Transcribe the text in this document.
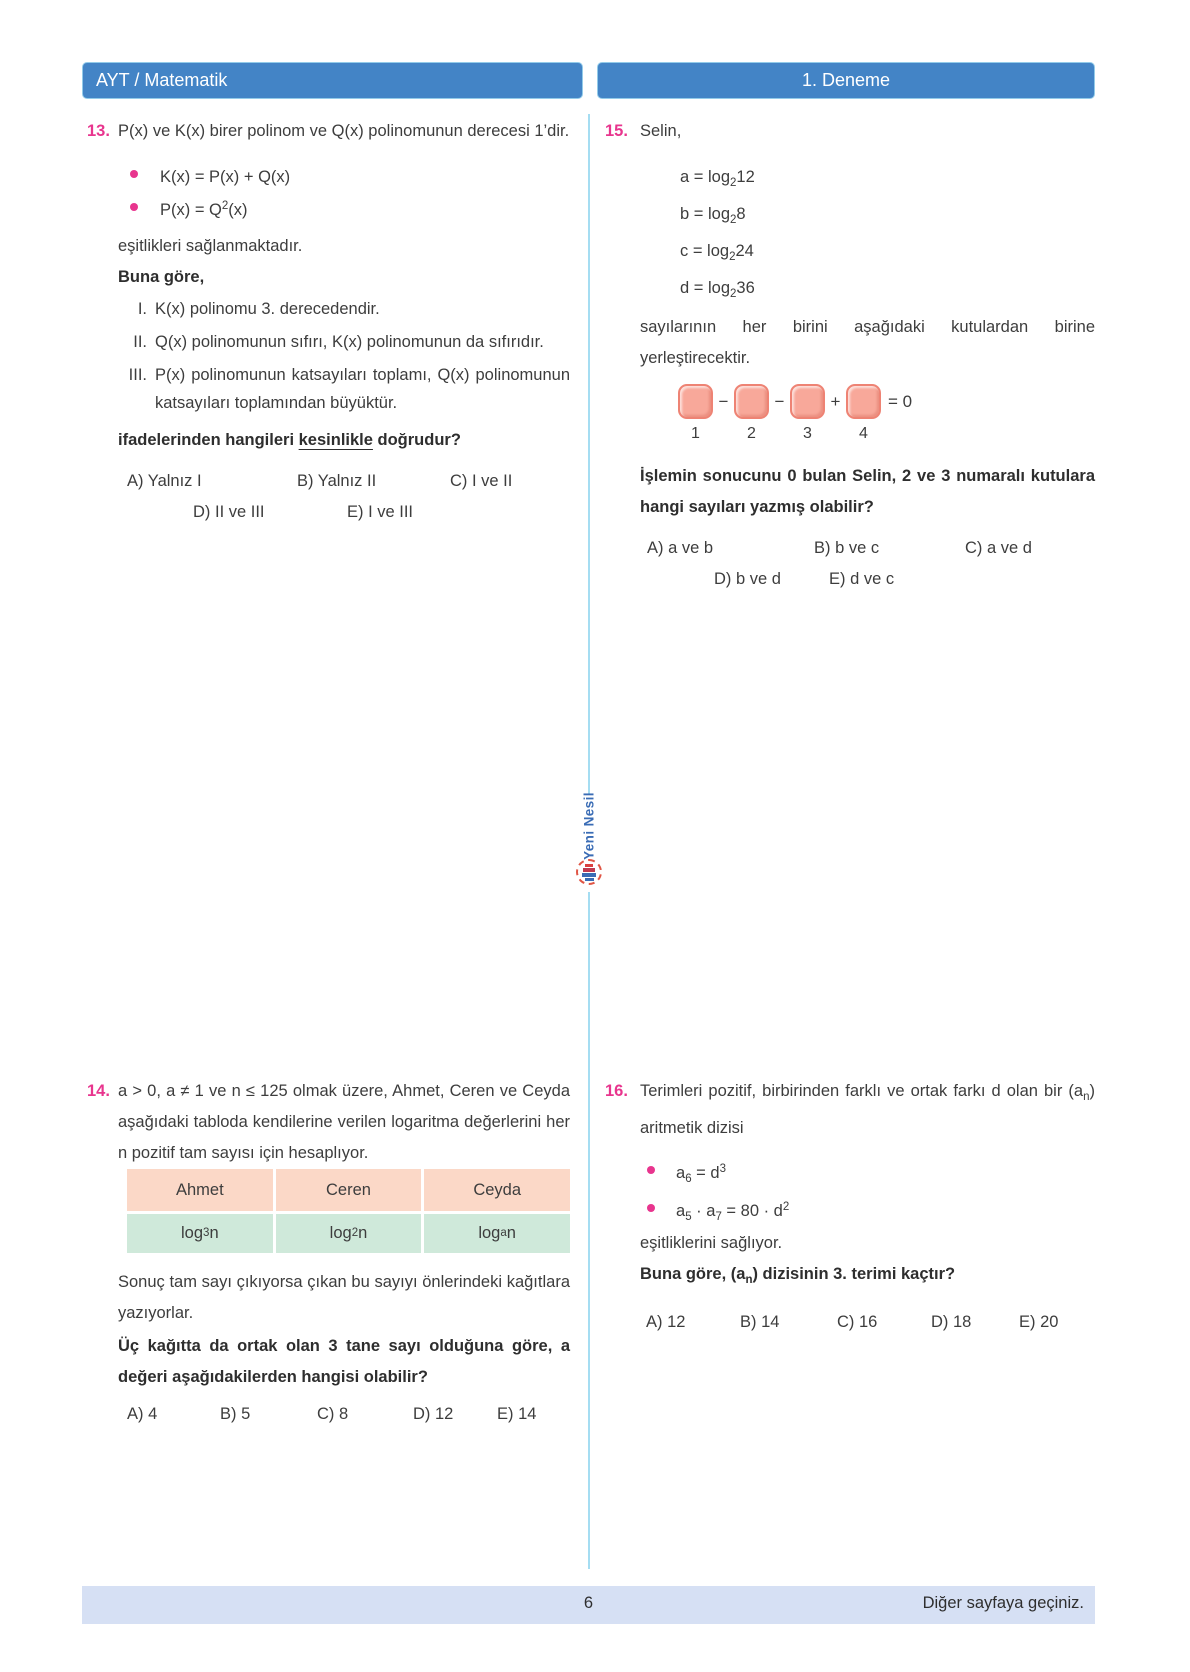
AYT / Matematik	1. Deneme
Yeni Nesil
13. P(x) ve K(x) birer polinom ve Q(x) polinomunun derecesi 1’dir.

K(x) = P(x) + Q(x)
$P(x) = Q^2(x)$

eşitlikleri sağlanmaktadır.

Buna göre,

I. K(x) polinomu 3. derecedendir.
II. Q(x) polinomunun sıfırı, K(x) polinomunun da sıfırıdır.
III. P(x) polinomunun katsayıları toplamı, Q(x) polinomunun katsayıları toplamından büyüktür.

ifadelerinden hangileri kesinlikle doğrudur?

A) Yalnız I	B) Yalnız II	C) I ve II
D) II ve III	E) I ve III
15. Selin,

$a = \log_212$
$b = \log_28$
$c = \log_224$
$d = \log_236$

sayılarının her birini aşağıdaki kutulardan birine yerleştirecektir.

−	−	+	= 0
1	2	3	4

İşlemin sonucunu 0 bulan Selin, 2 ve 3 numaralı kutulara hangi sayıları yazmış olabilir?

A) a ve b	B) b ve c	C) a ve d
D) b ve d	E) d ve c
14. a > 0, a ≠ 1 ve n ≤ 125 olmak üzere, Ahmet, Ceren ve Ceyda aşağıdaki tabloda kendilerine verilen logaritma değerlerini her n pozitif tam sayısı için hesaplıyor.

Ahmet	Ceren	Ceyda
log 3 n	log 2 n	log a n

Sonuç tam sayı çıkıyorsa çıkan bu sayıyı önlerindeki kağıtlara yazıyorlar.

Üç kağıtta da ortak olan 3 tane sayı olduğuna göre, a değeri aşağıdakilerden hangisi olabilir?

A) 4	B) 5	C) 8	D) 12	E) 14
16. Terimleri pozitif, birbirinden farklı ve ortak farkı d olan bir $(a_n)$ aritmetik dizisi

$a_6 = d^3$
$a_5 \cdot a_7 = 80 \cdot d^2$

eşitliklerini sağlıyor.

Buna göre, $(a_n)$ dizisinin 3. terimi kaçtır?

A) 12	B) 14	C) 16	D) 18	E) 20
6	Diğer sayfaya geçiniz.
